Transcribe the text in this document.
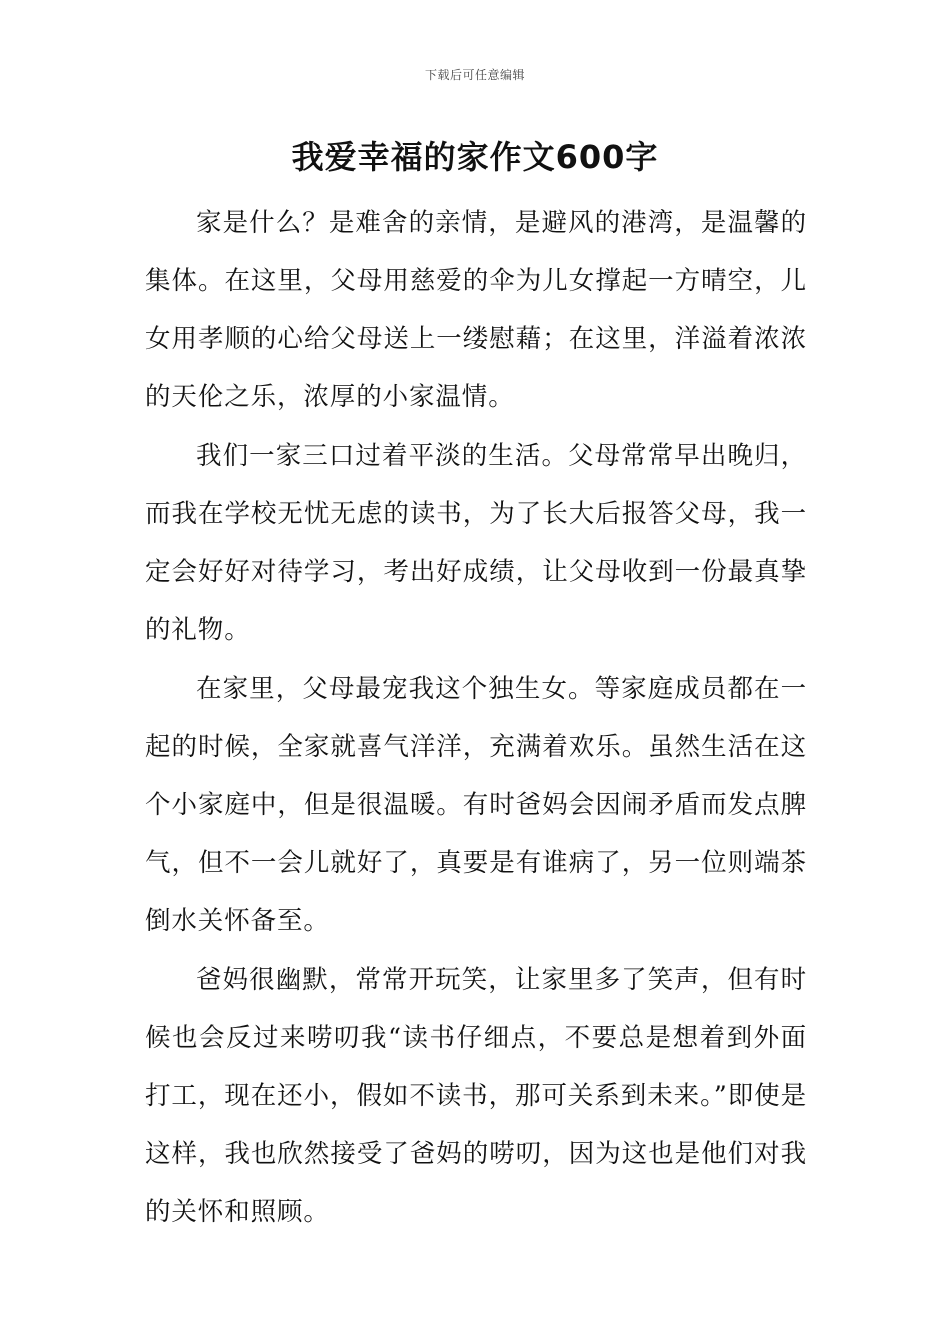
下载后可任意编辑
我爱幸福的家作文600字

家是什么？是难舍的亲情，是避风的港湾，是温馨的集体。在这里，父母用慈爱的伞为儿女撑起一方晴空，儿女用孝顺的心给父母送上一缕慰藉；在这里，洋溢着浓浓的天伦之乐，浓厚的小家温情。

我们一家三口过着平淡的生活。父母常常早出晚归，而我在学校无忧无虑的读书，为了长大后报答父母，我一定会好好对待学习，考出好成绩，让父母收到一份最真挚的礼物。

在家里，父母最宠我这个独生女。等家庭成员都在一起的时候，全家就喜气洋洋，充满着欢乐。虽然生活在这个小家庭中，但是很温暖。有时爸妈会因闹矛盾而发点脾气，但不一会儿就好了，真要是有谁病了，另一位则端茶倒水关怀备至。

爸妈很幽默，常常开玩笑，让家里多了笑声，但有时候也会反过来唠叨我“读书仔细点，不要总是想着到外面打工，现在还小，假如不读书，那可关系到未来。”即使是这样，我也欣然接受了爸妈的唠叨，因为这也是他们对我的关怀和照顾。
